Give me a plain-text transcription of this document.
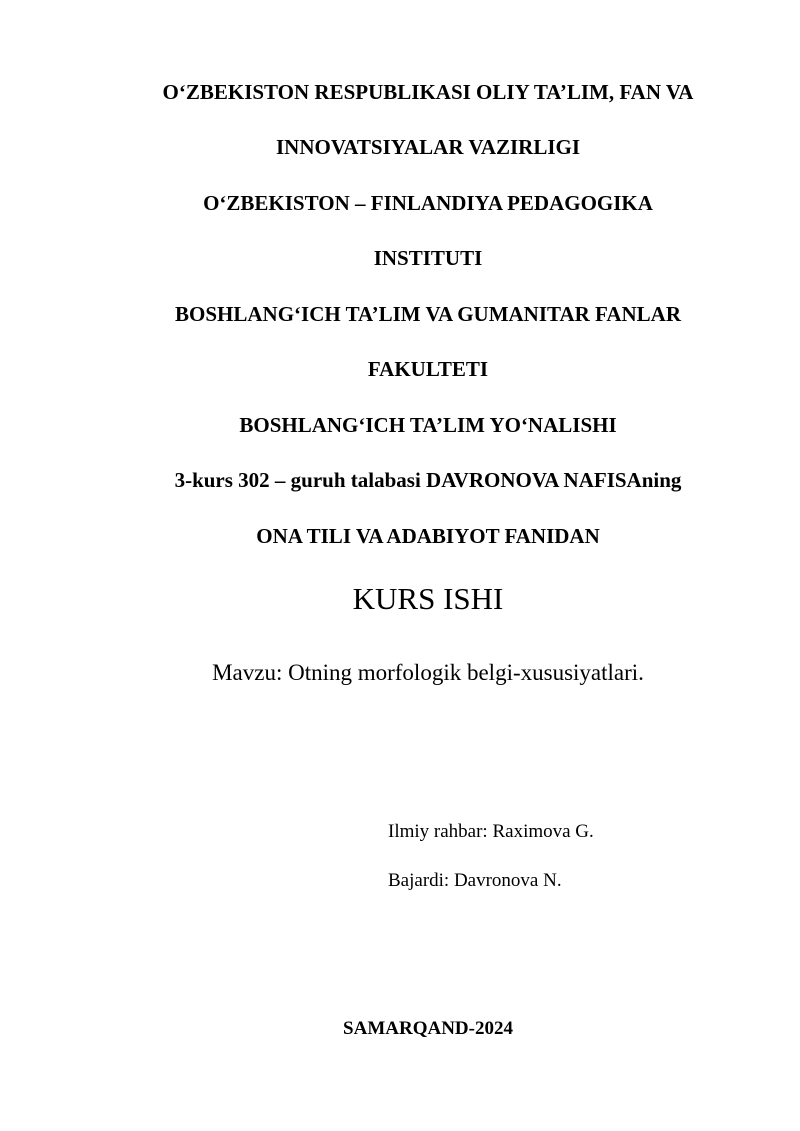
O‘ZBEKISTON RESPUBLIKASI OLIY TA’LIM, FAN VA
INNOVATSIYALAR VAZIRLIGI
O‘ZBEKISTON – FINLANDIYA PEDAGOGIKA
INSTITUTI
BOSHLANG‘ICH TA’LIM VA GUMANITAR FANLAR
FAKULTETI
BOSHLANG‘ICH TA’LIM YO‘NALISHI
3-kurs 302 – guruh talabasi DAVRONOVA NAFISAning
ONA TILI VA ADABIYOT FANIDAN
KURS ISHI
Mavzu: Otning morfologik belgi-xususiyatlari.
Ilmiy rahbar: Raximova G.
Bajardi: Davronova N.
SAMARQAND-2024
